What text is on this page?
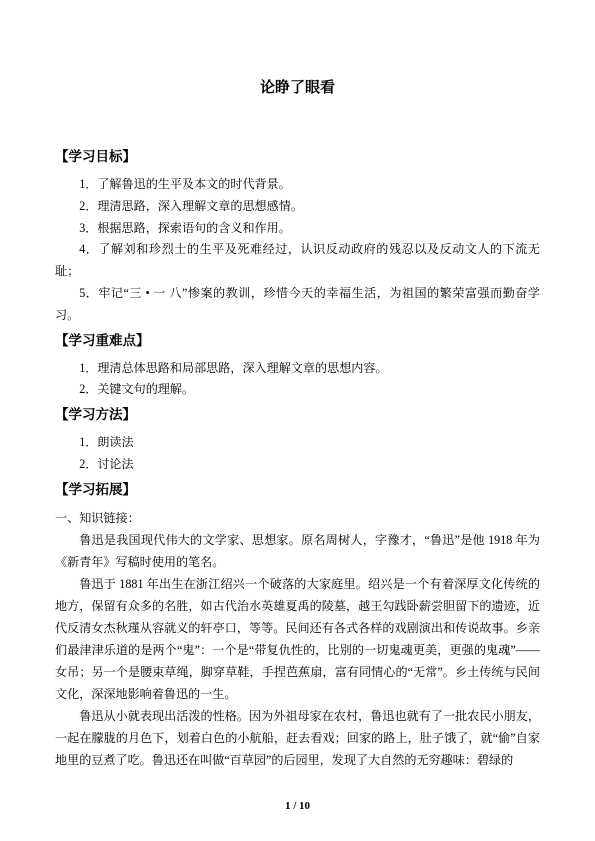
论睁了眼看
【学习目标】

1．了解鲁迅的生平及本文的时代背景。

2．理清思路，深入理解文章的思想感情。

3．根据思路，探索语句的含义和作用。

4．了解刘和珍烈士的生平及死难经过，认识反动政府的残忍以及反动文人的下流无耻；

5．牢记“三 • 一 八”惨案的教训，珍惜今天的幸福生活，为祖国的繁荣富强而勤奋学习。

【学习重难点】

1．理清总体思路和局部思路，深入理解文章的思想内容。

2．关键文句的理解。

【学习方法】

1．朗读法

2．讨论法

【学习拓展】

一、知识链接：

鲁迅是我国现代伟大的文学家、思想家。原名周树人，字豫才，“鲁迅”是他 1918 年为《新青年》写稿时使用的笔名。

鲁迅于 1881 年出生在浙江绍兴一个破落的大家庭里。绍兴是一个有着深厚文化传统的地方，保留有众多的名胜，如古代治水英雄夏禹的陵墓，越王勾践卧薪尝胆留下的遗迹，近代反清女杰秋瑾从容就义的轩亭口，等等。民间还有各式各样的戏剧演出和传说故事。乡亲们最津津乐道的是两个“鬼”：一个是“带复仇性的，比别的一切鬼魂更美，更强的鬼魂”——女吊；另一个是腰束草绳，脚穿草鞋，手捏芭蕉扇，富有同情心的“无常”。乡土传统与民间文化，深深地影响着鲁迅的一生。

鲁迅从小就表现出活泼的性格。因为外祖母家在农村，鲁迅也就有了一批农民小朋友，一起在朦胧的月色下，划着白色的小航船，赶去看戏；回家的路上，肚子饿了，就“偷”自家地里的豆煮了吃。鲁迅还在叫做“百草园”的后园里，发现了大自然的无穷趣味：碧绿的

1 / 10
